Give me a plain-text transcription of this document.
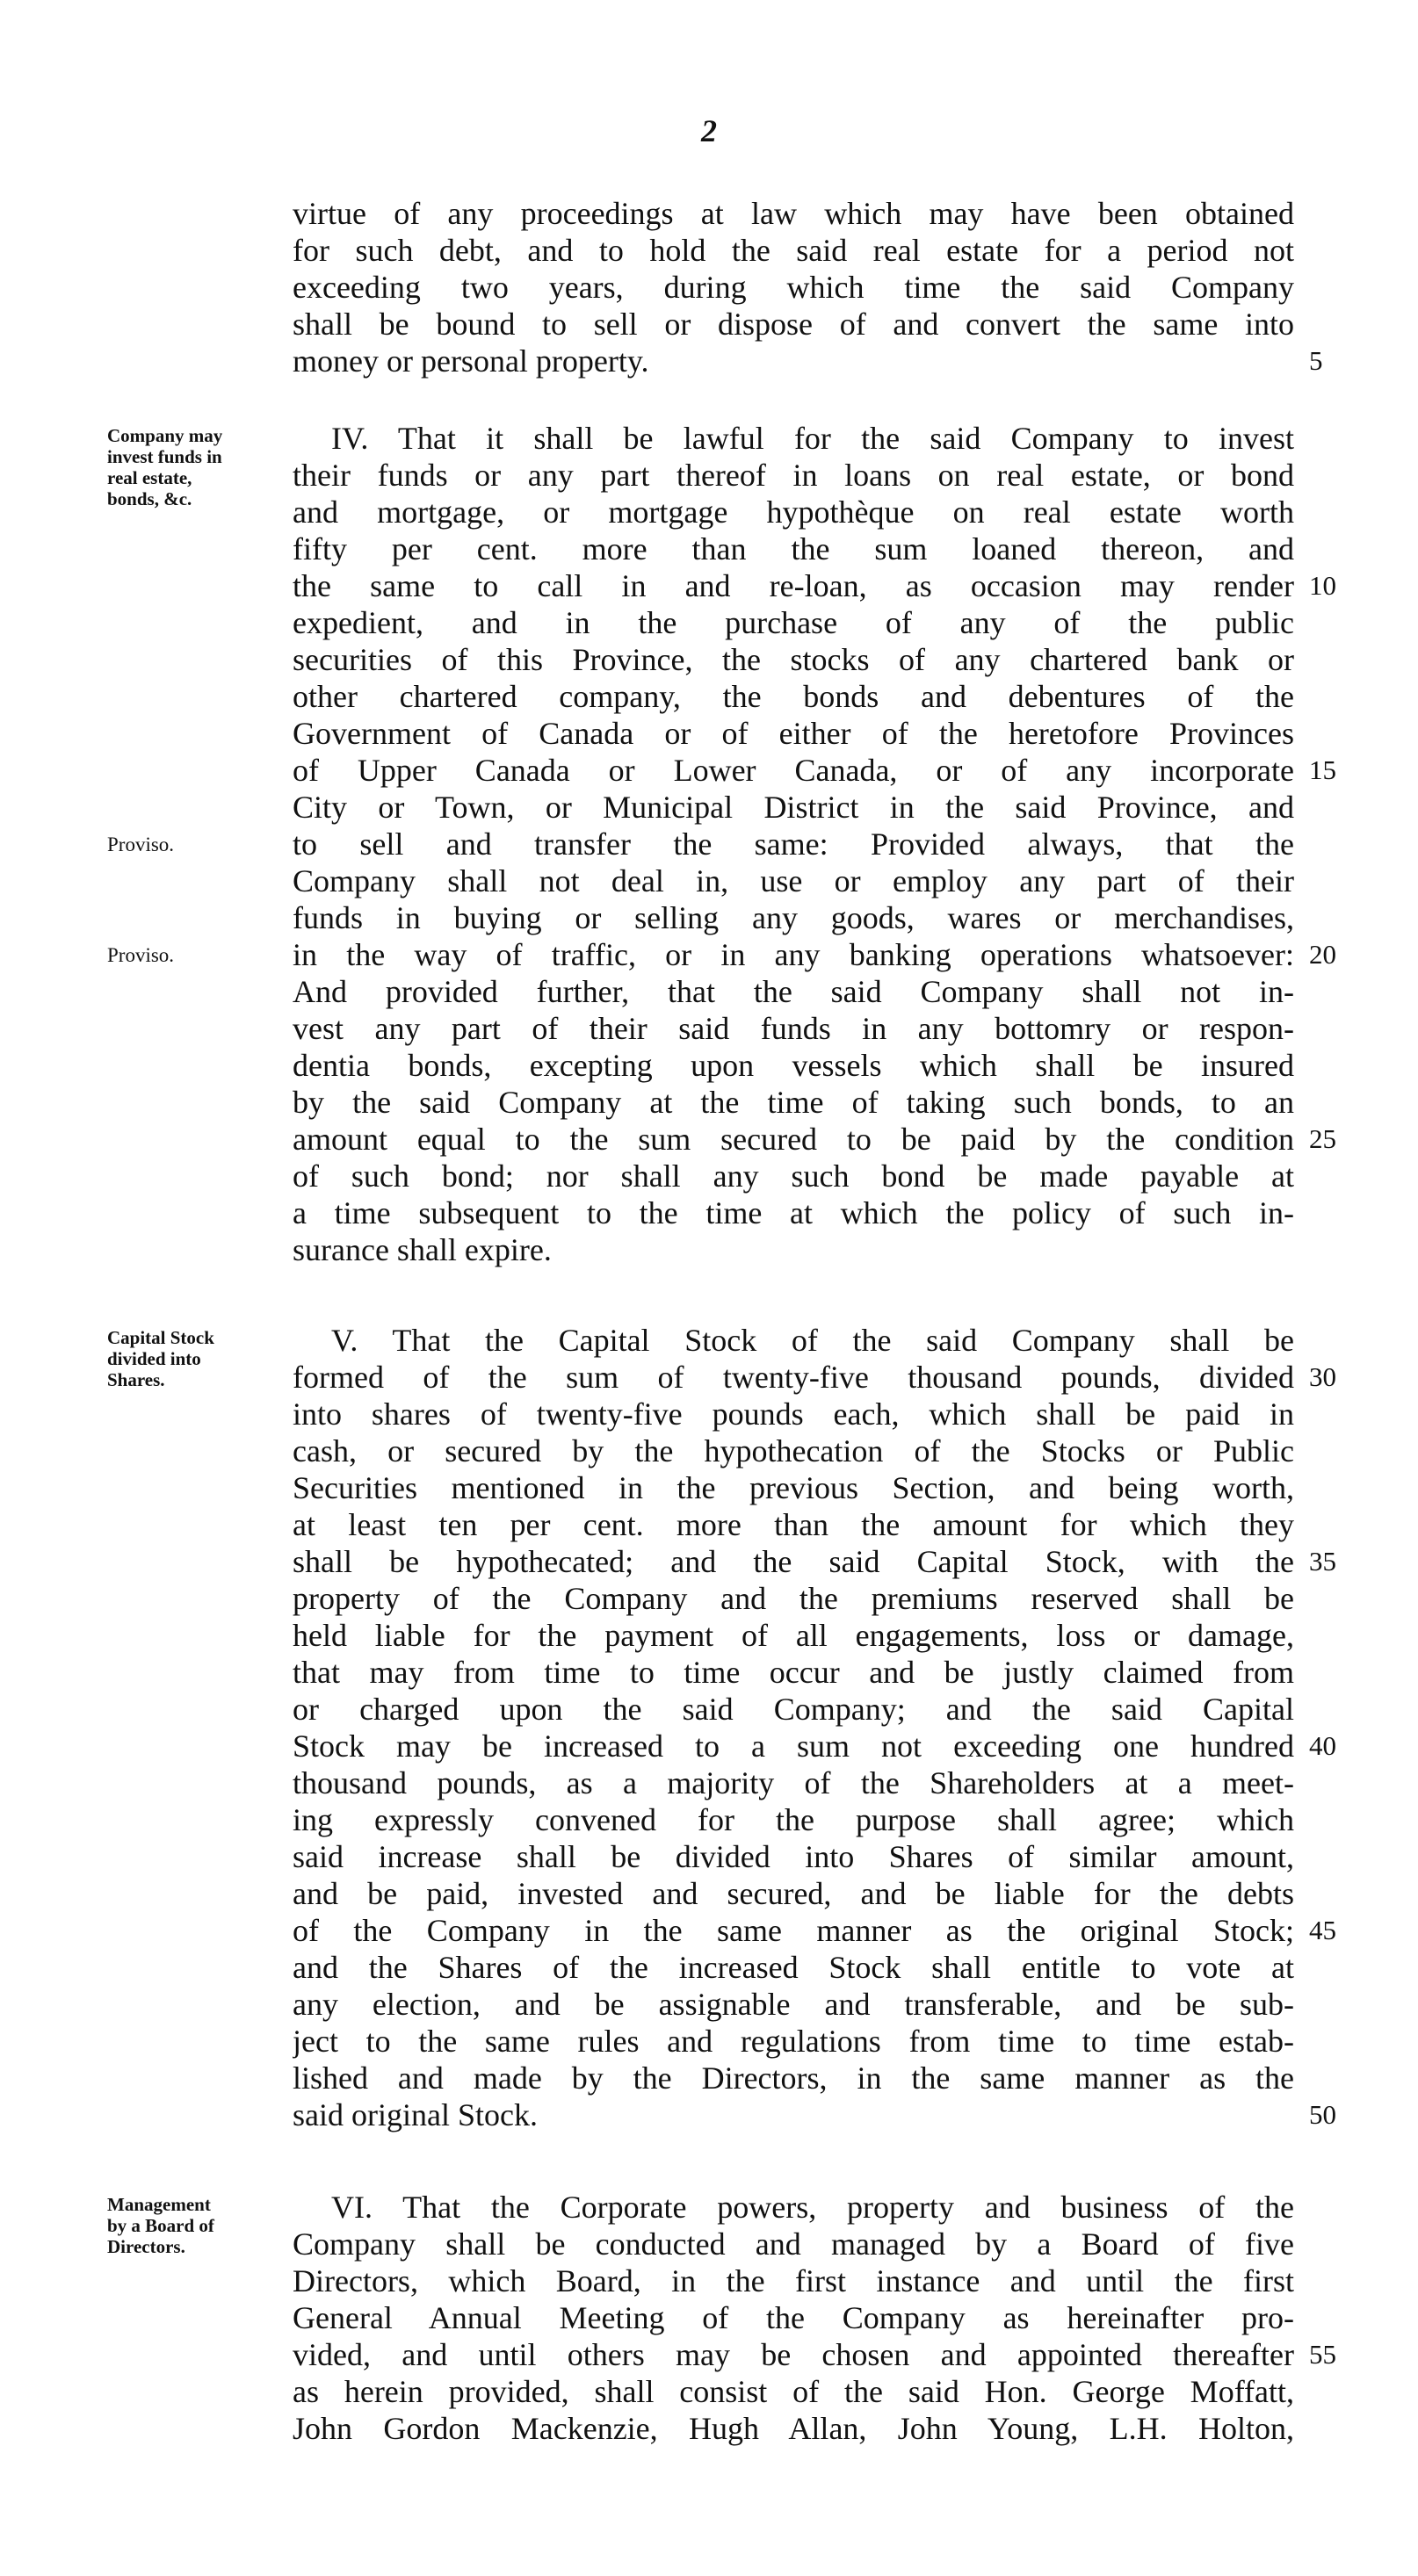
2
virtue of any proceedings at law which may have been obtained
for such debt, and to hold the said real estate for a period not
exceeding two years, during which time the said Company
shall be bound to sell or dispose of and convert the same into
money or personal property.	5
Company may
invest funds in
real estate,
bonds, &c.
Proviso.
Proviso.
IV. That it shall be lawful for the said Company to invest
their funds or any part thereof in loans on real estate, or bond
and mortgage, or mortgage hypothèque on real estate worth
fifty per cent. more than the sum loaned thereon, and
the same to call in and re-loan, as occasion may render
expedient, and in the purchase of any of the public
securities of this Province, the stocks of any chartered bank or
other chartered company, the bonds and debentures of the
Government of Canada or of either of the heretofore Provinces
of Upper Canada or Lower Canada, or of any incorporate
City or Town, or Municipal District in the said Province, and
to sell and transfer the same: Provided always, that the
Company shall not deal in, use or employ any part of their
funds in buying or selling any goods, wares or merchandises,
in the way of traffic, or in any banking operations whatsoever:
And provided further, that the said Company shall not in-
vest any part of their said funds in any bottomry or respon-
dentia bonds, excepting upon vessels which shall be insured
by the said Company at the time of taking such bonds, to an
amount equal to the sum secured to be paid by the condition
of such bond; nor shall any such bond be made payable at
a time subsequent to the time at which the policy of such in-
surance shall expire.
10
15
20
25
Capital Stock
divided into
Shares.
V. That the Capital Stock of the said Company shall be
formed of the sum of twenty-five thousand pounds, divided
into shares of twenty-five pounds each, which shall be paid in
cash, or secured by the hypothecation of the Stocks or Public
Securities mentioned in the previous Section, and being worth,
at least ten per cent. more than the amount for which they
shall be hypothecated; and the said Capital Stock, with the
property of the Company and the premiums reserved shall be
held liable for the payment of all engagements, loss or damage,
that may from time to time occur and be justly claimed from
or charged upon the said Company; and the said Capital
Stock may be increased to a sum not exceeding one hundred
thousand pounds, as a majority of the Shareholders at a meet-
ing expressly convened for the purpose shall agree; which
said increase shall be divided into Shares of similar amount,
and be paid, invested and secured, and be liable for the debts
of the Company in the same manner as the original Stock;
and the Shares of the increased Stock shall entitle to vote at
any election, and be assignable and transferable, and be sub-
ject to the same rules and regulations from time to time estab-
lished and made by the Directors, in the same manner as the
said original Stock.
30
35
40
45
50
Management
by a Board of
Directors.
VI. That the Corporate powers, property and business of the
Company shall be conducted and managed by a Board of five
Directors, which Board, in the first instance and until the first
General Annual Meeting of the Company as hereinafter pro-
vided, and until others may be chosen and appointed thereafter
as herein provided, shall consist of the said Hon. George Moffatt,
John Gordon Mackenzie, Hugh Allan, John Young, L.H. Holton,
55
